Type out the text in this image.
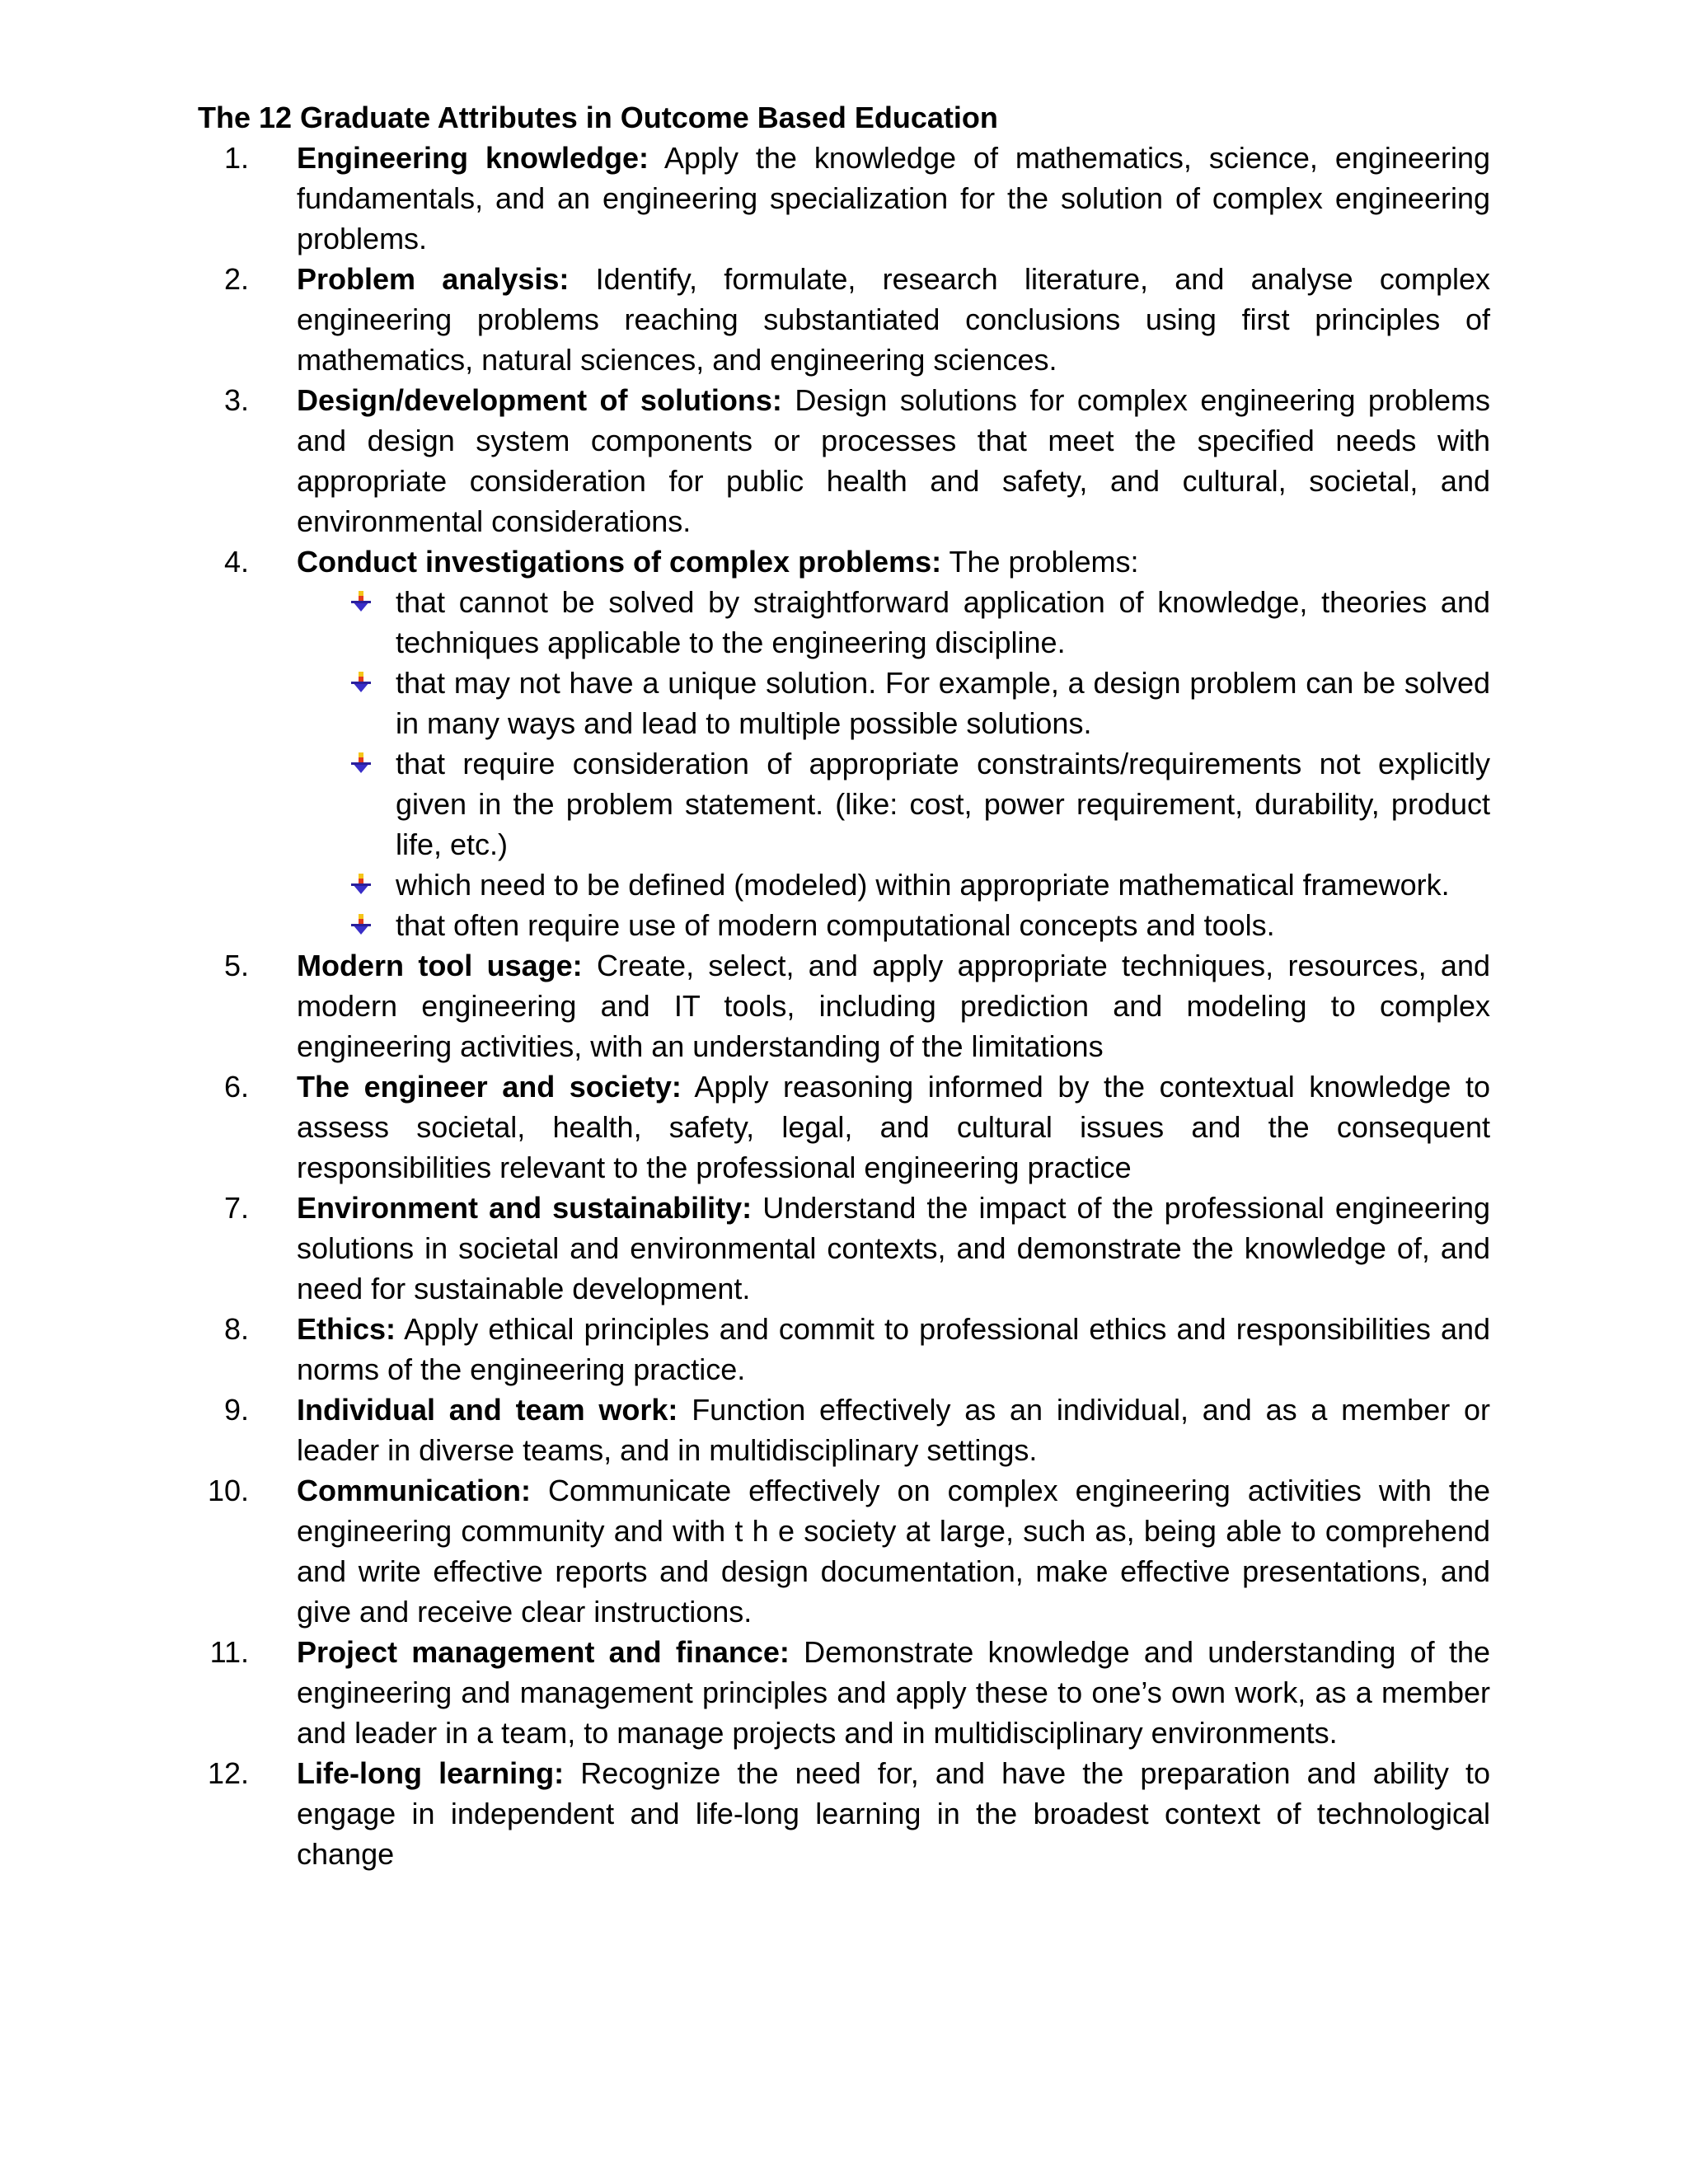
The 12 Graduate Attributes in Outcome Based Education
1. Engineering knowledge: Apply the knowledge of mathematics, science, engineering fundamentals, and an engineering specialization for the solution of complex engineering problems.
2. Problem analysis: Identify, formulate, research literature, and analyse complex engineering problems reaching substantiated conclusions using first principles of mathematics, natural sciences, and engineering sciences.
3. Design/development of solutions: Design solutions for complex engineering problems and design system components or processes that meet the specified needs with appropriate consideration for public health and safety, and cultural, societal, and environmental considerations.
4. Conduct investigations of complex problems: The problems:
that cannot be solved by straightforward application of knowledge, theories and techniques applicable to the engineering discipline.
that may not have a unique solution. For example, a design problem can be solved in many ways and lead to multiple possible solutions.
that require consideration of appropriate constraints/requirements not explicitly given in the problem statement. (like: cost, power requirement, durability, product life, etc.)
which need to be defined (modeled) within appropriate mathematical framework.
that often require use of modern computational concepts and tools.
5. Modern tool usage: Create, select, and apply appropriate techniques, resources, and modern engineering and IT tools, including prediction and modeling to complex engineering activities, with an understanding of the limitations
6. The engineer and society: Apply reasoning informed by the contextual knowledge to assess societal, health, safety, legal, and cultural issues and the consequent responsibilities relevant to the professional engineering practice
7. Environment and sustainability: Understand the impact of the professional engineering solutions in societal and environmental contexts, and demonstrate the knowledge of, and need for sustainable development.
8. Ethics: Apply ethical principles and commit to professional ethics and responsibilities and norms of the engineering practice.
9. Individual and team work: Function effectively as an individual, and as a member or leader in diverse teams, and in multidisciplinary settings.
10. Communication: Communicate effectively on complex engineering activities with the engineering community and with t h e society at large, such as, being able to comprehend and write effective reports and design documentation, make effective presentations, and give and receive clear instructions.
11. Project management and finance: Demonstrate knowledge and understanding of the engineering and management principles and apply these to one’s own work, as a member and leader in a team, to manage projects and in multidisciplinary environments.
12. Life-long learning: Recognize the need for, and have the preparation and ability to engage in independent and life-long learning in the broadest context of technological change
